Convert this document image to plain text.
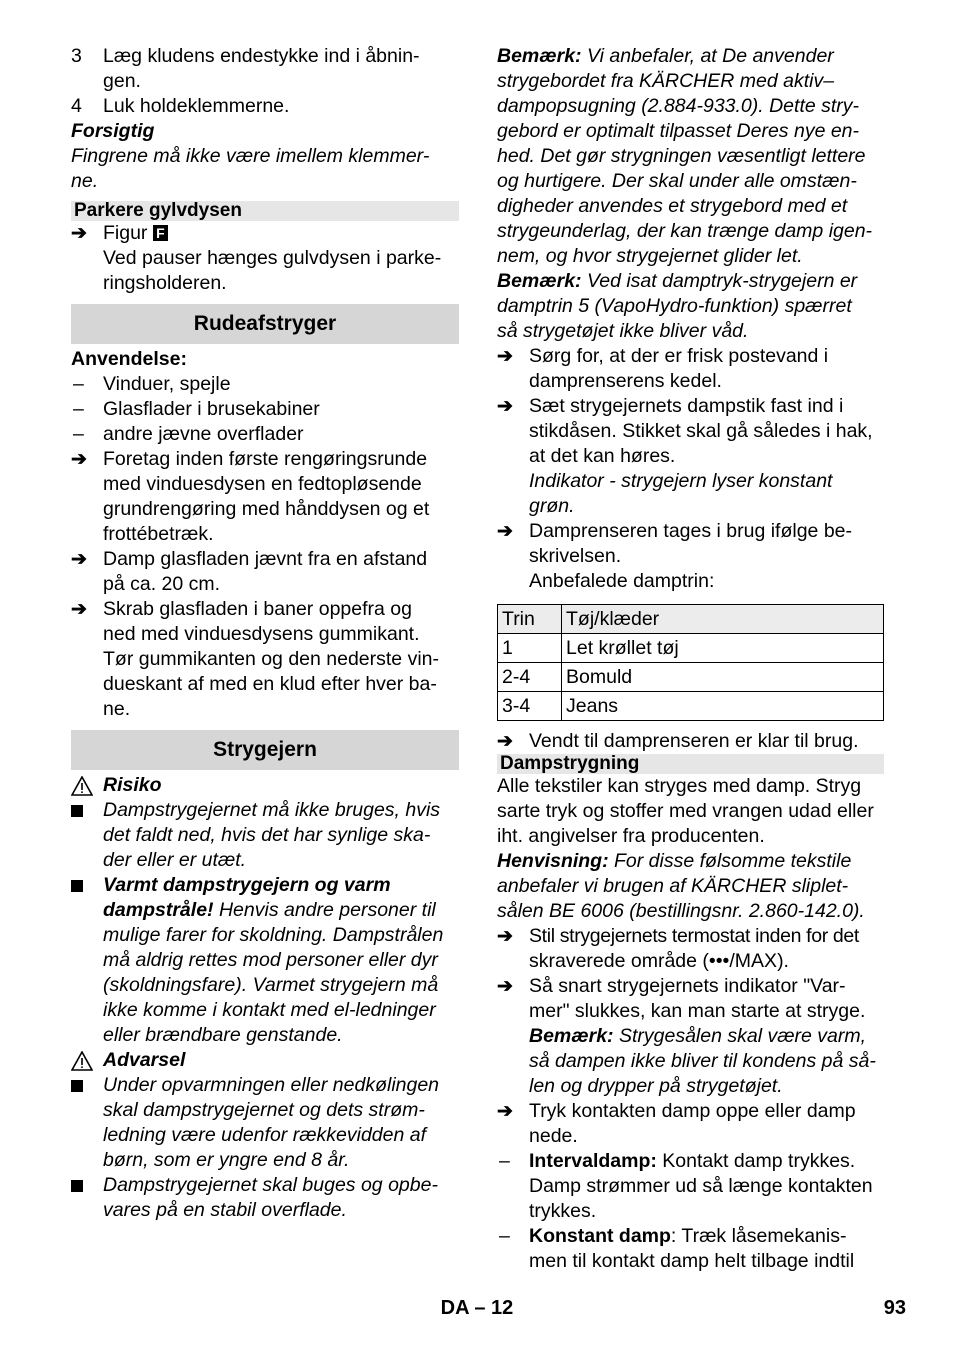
3	Læg kludens endestykke ind i åbnin-
gen.
4	Luk holdeklemmerne.
Forsigtig
Fingrene må ikke være imellem klemmer-
ne.
Parkere gylvdysen
➔ Figur F
Ved pauser hænges gulvdysen i parke-
ringsholderen.
Rudeafstryger
Anvendelse:
– Vinduer, spejle
– Glasflader i brusekabiner
– andre jævne overflader
➔ Foretag inden første rengøringsrunde
med vinduesdysen en fedtopløsende
grundrengøring med hånddysen og et
frottébetræk.
➔ Damp glasfladen jævnt fra en afstand
på ca. 20 cm.
➔ Skrab glasfladen i baner oppefra og
ned med vinduesdysens gummikant.
Tør gummikanten og den nederste vin-
dueskant af med en klud efter hver ba-
ne.
Strygejern
Risiko
Dampstrygejernet må ikke bruges, hvis
det faldt ned, hvis det har synlige ska-
der eller er utæt.
Varmt dampstrygejern og varm
dampstråle! Henvis andre personer til
mulige farer for skoldning. Dampstrålen
må aldrig rettes mod personer eller dyr
(skoldningsfare). Varmet strygejern må
ikke komme i kontakt med el-ledninger
eller brændbare genstande.
Advarsel
Under opvarmningen eller nedkølingen
skal dampstrygejernet og dets strøm-
ledning være udenfor rækkevidden af
børn, som er yngre end 8 år.
Dampstrygejernet skal buges og opbe-
vares på en stabil overflade.
Bemærk: Vi anbefaler, at De anvender
strygebordet fra KÄRCHER med aktiv–
dampopsugning (2.884-933.0). Dette stry-
gebord er optimalt tilpasset Deres nye en-
hed. Det gør strygningen væsentligt lettere
og hurtigere. Der skal under alle omstæn-
digheder anvendes et strygebord med et
strygeunderlag, der kan trænge damp igen-
nem, og hvor strygejernet glider let.
Bemærk: Ved isat damptryk-strygejern er
damptrin 5 (VapoHydro-funktion) spærret
så strygetøjet ikke bliver våd.
➔ Sørg for, at der er frisk postevand i
damprenserens kedel.
➔ Sæt strygejernets dampstik fast ind i
stikdåsen. Stikket skal gå således i hak,
at det kan høres.
Indikator - strygejern lyser konstant
grøn.
➔ Damprenseren tages i brug ifølge be-
skrivelsen.
Anbefalede damptrin:
Trin	Tøj/klæder
1	Let krøllet tøj
2-4	Bomuld
3-4	Jeans
➔ Vendt til damprenseren er klar til brug.
Dampstrygning
Alle tekstiler kan stryges med damp. Stryg
sarte tryk og stoffer med vrangen udad eller
iht. angivelser fra producenten.
Henvisning: For disse følsomme tekstile
anbefaler vi brugen af KÄRCHER sliplet-
sålen BE 6006 (bestillingsnr. 2.860-142.0).
➔ Stil strygejernets termostat inden for det
skraverede område (•••/MAX).
➔ Så snart strygejernets indikator "Var-
mer" slukkes, kan man starte at stryge.
Bemærk: Strygesålen skal være varm,
så dampen ikke bliver til kondens på så-
len og drypper på strygetøjet.
➔ Tryk kontakten damp oppe eller damp
nede.
– Intervaldamp: Kontakt damp trykkes.
Damp strømmer ud så længe kontakten
trykkes.
– Konstant damp: Træk låsemekanis-
men til kontakt damp helt tilbage indtil
DA – 12	93
